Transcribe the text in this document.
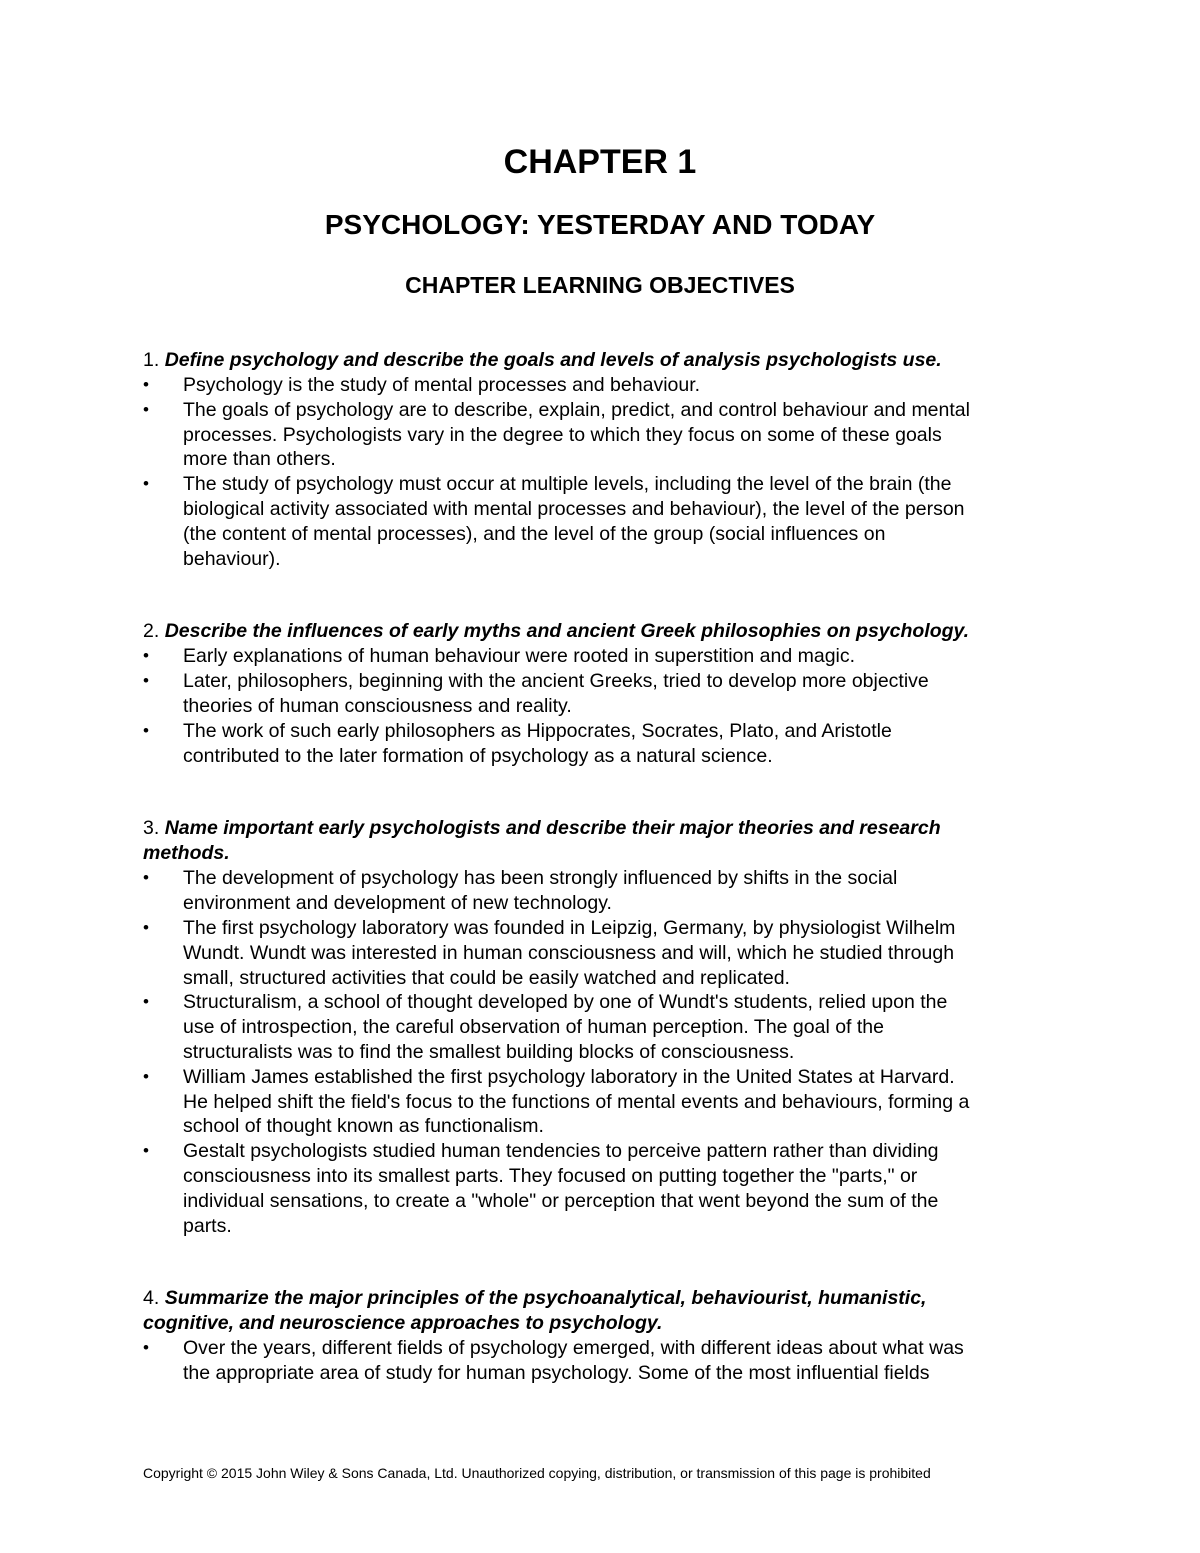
CHAPTER 1
PSYCHOLOGY: YESTERDAY AND TODAY
CHAPTER LEARNING OBJECTIVES
1. Define psychology and describe the goals and levels of analysis psychologists use.
•	Psychology is the study of mental processes and behaviour.
•	The goals of psychology are to describe, explain, predict, and control behaviour and mental
processes. Psychologists vary in the degree to which they focus on some of these goals
more than others.
•	The study of psychology must occur at multiple levels, including the level of the brain (the
biological activity associated with mental processes and behaviour), the level of the person
(the content of mental processes), and the level of the group (social influences on
behaviour).
2. Describe the influences of early myths and ancient Greek philosophies on psychology.
•	Early explanations of human behaviour were rooted in superstition and magic.
•	Later, philosophers, beginning with the ancient Greeks, tried to develop more objective
theories of human consciousness and reality.
•	The work of such early philosophers as Hippocrates, Socrates, Plato, and Aristotle
contributed to the later formation of psychology as a natural science.
3. Name important early psychologists and describe their major theories and research
methods.
•	The development of psychology has been strongly influenced by shifts in the social
environment and development of new technology.
•	The first psychology laboratory was founded in Leipzig, Germany, by physiologist Wilhelm
Wundt. Wundt was interested in human consciousness and will, which he studied through
small, structured activities that could be easily watched and replicated.
•	Structuralism, a school of thought developed by one of Wundt's students, relied upon the
use of introspection, the careful observation of human perception. The goal of the
structuralists was to find the smallest building blocks of consciousness.
•	William James established the first psychology laboratory in the United States at Harvard.
He helped shift the field's focus to the functions of mental events and behaviours, forming a
school of thought known as functionalism.
•	Gestalt psychologists studied human tendencies to perceive pattern rather than dividing
consciousness into its smallest parts. They focused on putting together the "parts," or
individual sensations, to create a "whole" or perception that went beyond the sum of the
parts.
4. Summarize the major principles of the psychoanalytical, behaviourist, humanistic,
cognitive, and neuroscience approaches to psychology.
•	Over the years, different fields of psychology emerged, with different ideas about what was
the appropriate area of study for human psychology. Some of the most influential fields
Copyright © 2015 John Wiley & Sons Canada, Ltd. Unauthorized copying, distribution, or transmission of this page is prohibited
